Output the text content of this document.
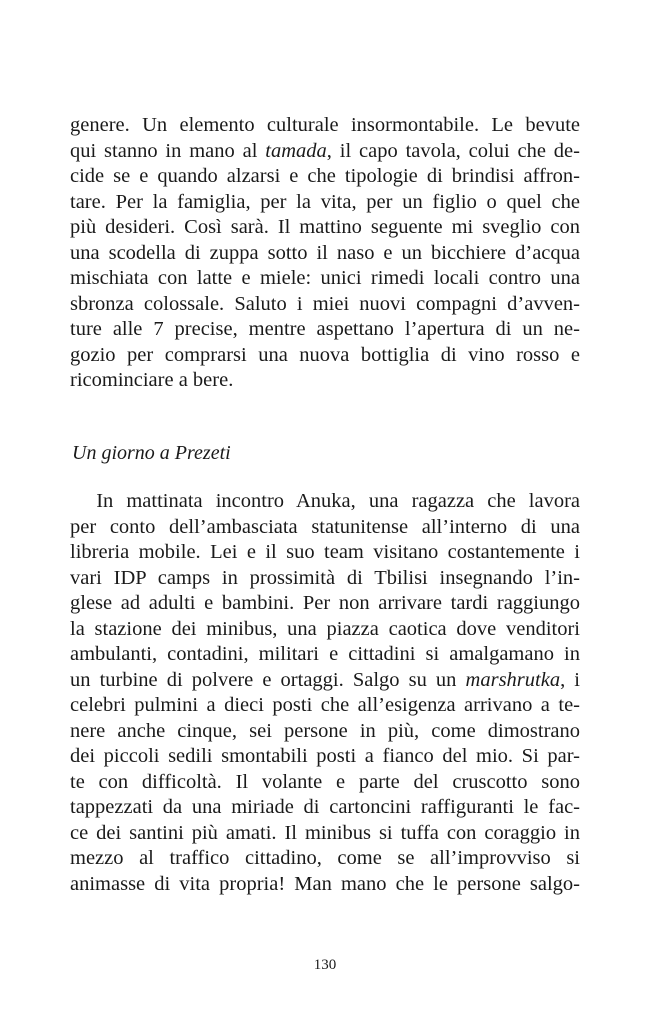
genere. Un elemento culturale insormontabile. Le bevute
qui stanno in mano al tamada, il capo tavola, colui che de-
cide se e quando alzarsi e che tipologie di brindisi affron-
tare. Per la famiglia, per la vita, per un figlio o quel che
più desideri. Così sarà. Il mattino seguente mi sveglio con
una scodella di zuppa sotto il naso e un bicchiere d’acqua
mischiata con latte e miele: unici rimedi locali contro una
sbronza colossale. Saluto i miei nuovi compagni d’avven-
ture alle 7 precise, mentre aspettano l’apertura di un ne-
gozio per comprarsi una nuova bottiglia di vino rosso e
ricominciare a bere.
Un giorno a Prezeti
In mattinata incontro Anuka, una ragazza che lavora
per conto dell’ambasciata statunitense all’interno di una
libreria mobile. Lei e il suo team visitano costantemente i
vari IDP camps in prossimità di Tbilisi insegnando l’in-
glese ad adulti e bambini. Per non arrivare tardi raggiungo
la stazione dei minibus, una piazza caotica dove venditori
ambulanti, contadini, militari e cittadini si amalgamano in
un turbine di polvere e ortaggi. Salgo su un marshrutka, i
celebri pulmini a dieci posti che all’esigenza arrivano a te-
nere anche cinque, sei persone in più, come dimostrano
dei piccoli sedili smontabili posti a fianco del mio. Si par-
te con difficoltà. Il volante e parte del cruscotto sono
tappezzati da una miriade di cartoncini raffiguranti le fac-
ce dei santini più amati. Il minibus si tuffa con coraggio in
mezzo al traffico cittadino, come se all’improvviso si
animasse di vita propria! Man mano che le persone salgo-
130
